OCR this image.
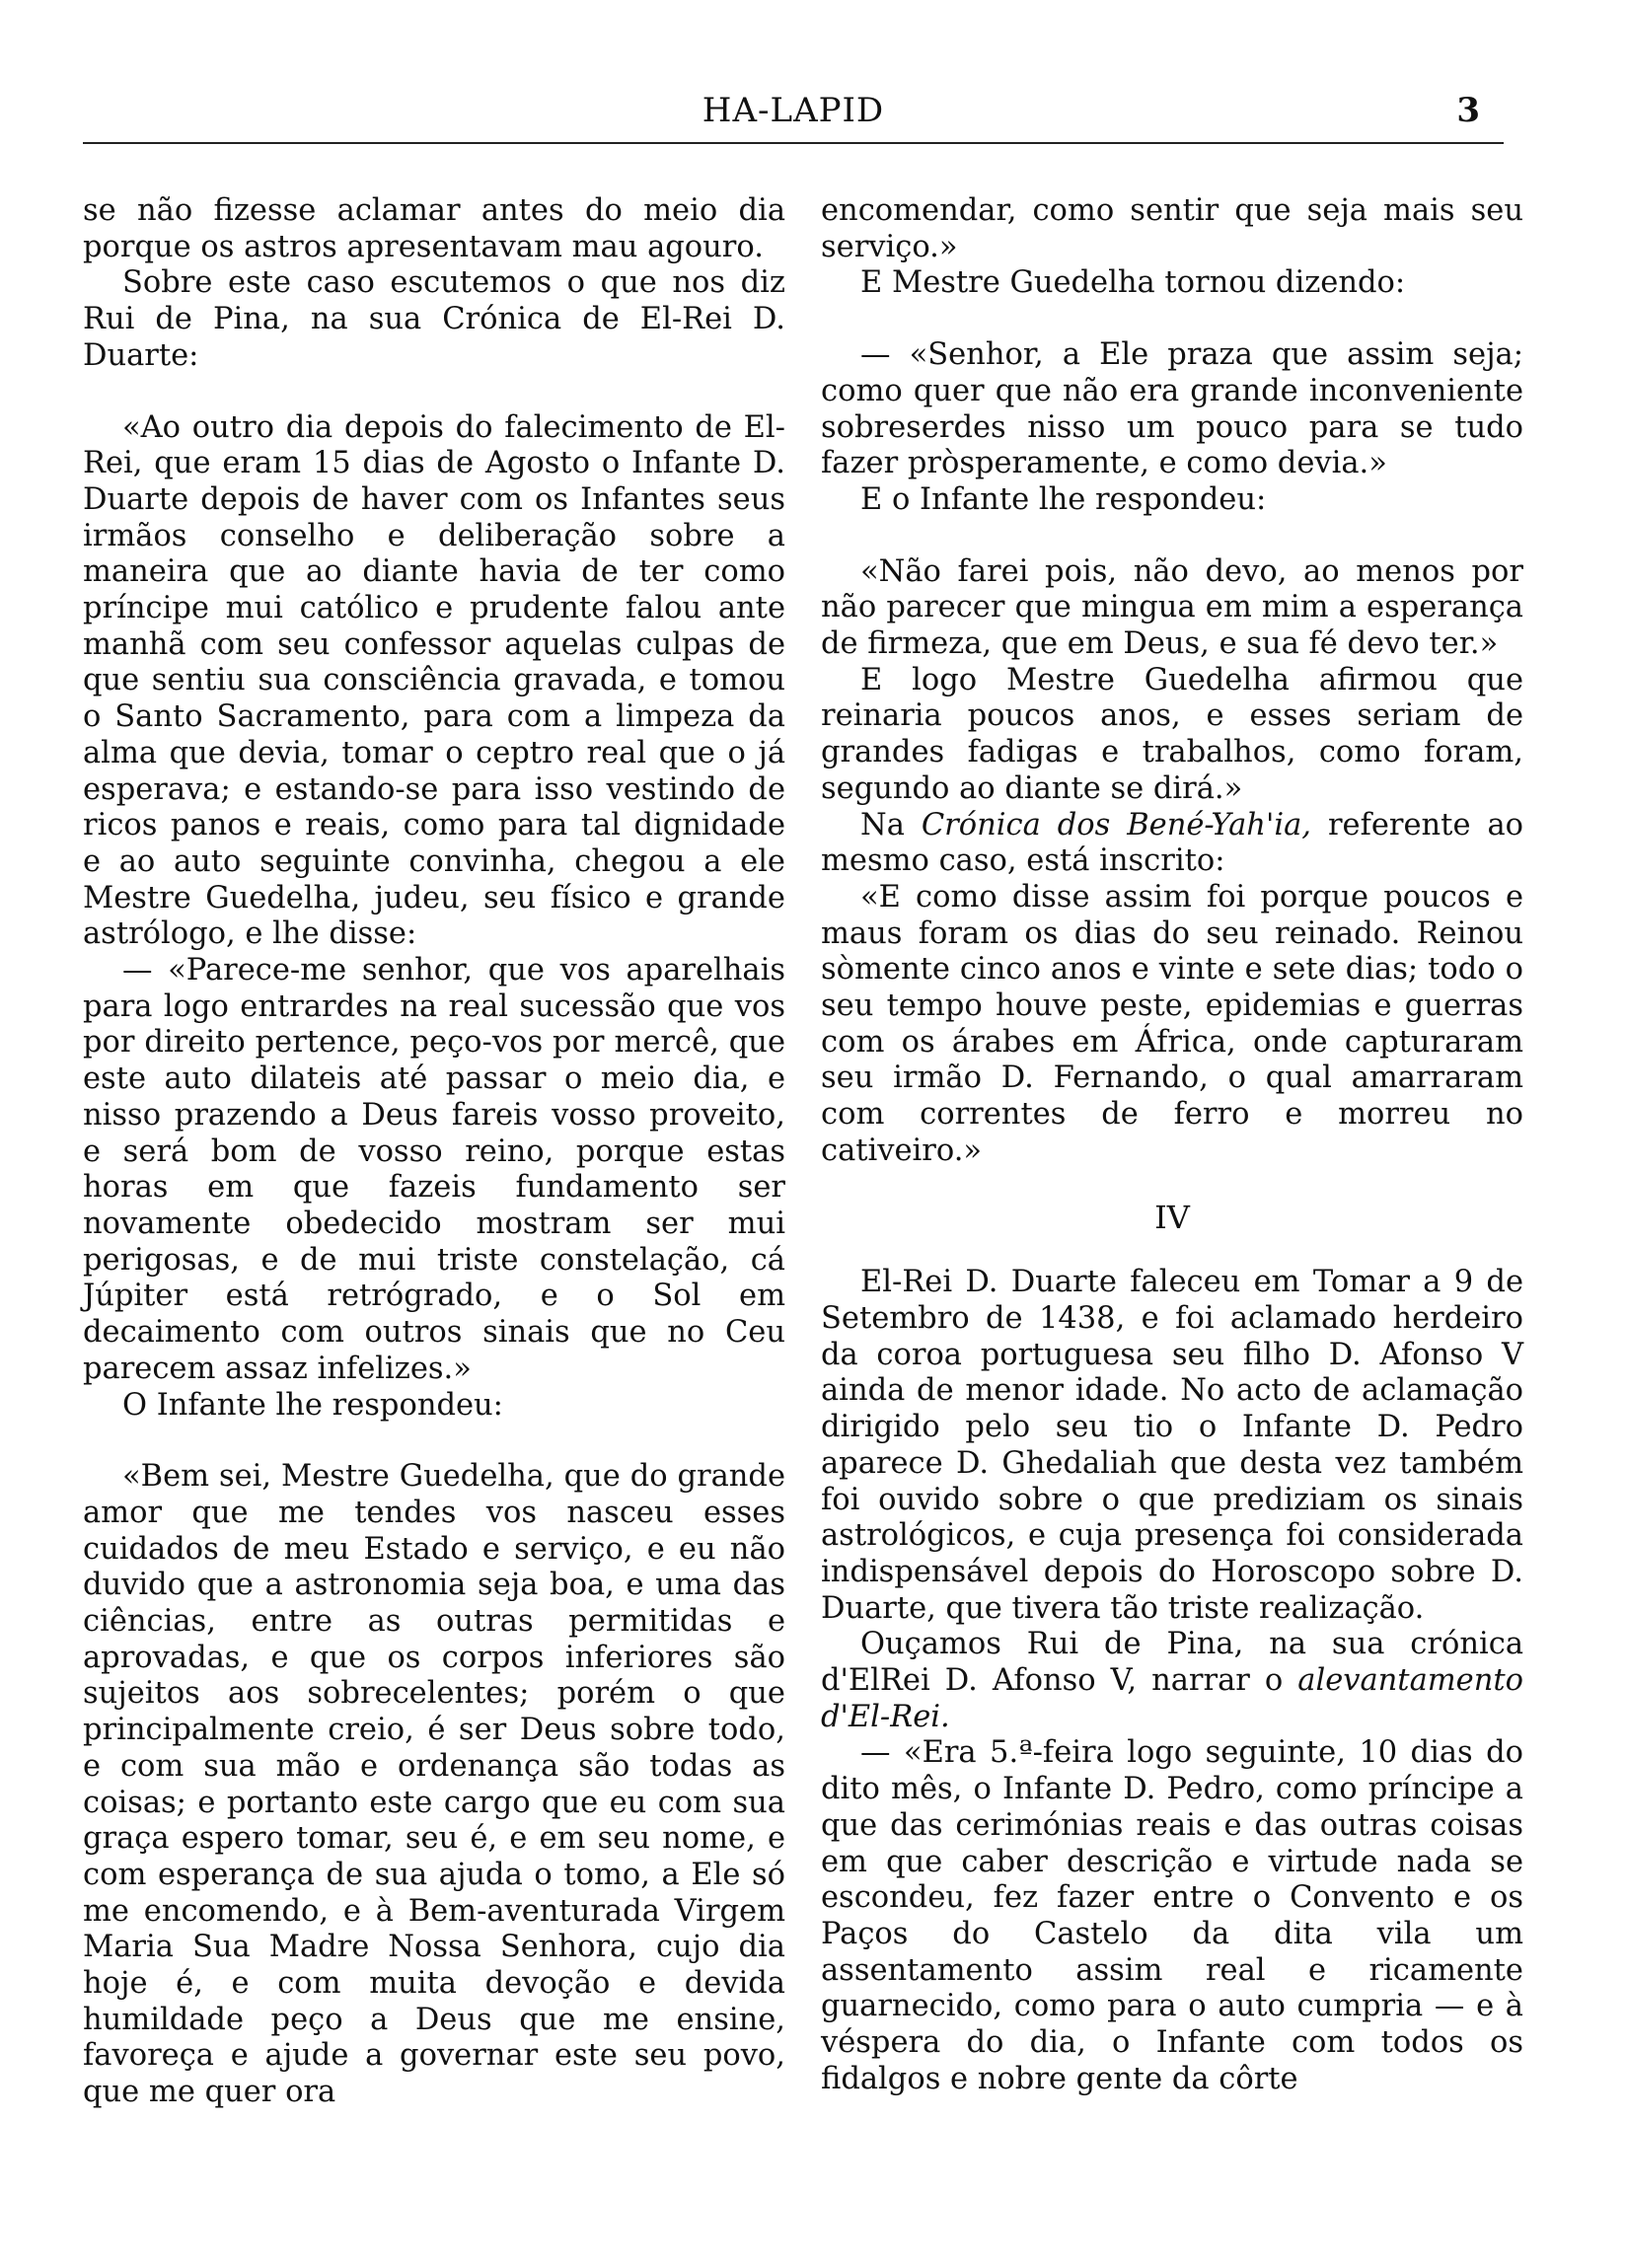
HA-LAPID	3

se não fizesse aclamar antes do meio dia porque os astros apresentavam mau agouro.

Sobre este caso escutemos o que nos diz Rui de Pina, na sua Crónica de El-Rei D. Duarte:

«Ao outro dia depois do falecimento de El-Rei, que eram 15 dias de Agosto o Infante D. Duarte depois de haver com os Infantes seus irmãos conselho e deliberação sobre a maneira que ao diante havia de ter como príncipe mui católico e prudente falou ante manhã com seu confessor aquelas culpas de que sentiu sua consciência gravada, e tomou o Santo Sacramento, para com a limpeza da alma que devia, tomar o ceptro real que o já esperava; e estando-se para isso vestindo de ricos panos e reais, como para tal dignidade e ao auto seguinte convinha, chegou a ele Mestre Guedelha, judeu, seu físico e grande astrólogo, e lhe disse:

— «Parece-me senhor, que vos aparelhais para logo entrardes na real sucessão que vos por direito pertence, peço-vos por mercê, que este auto dilateis até passar o meio dia, e nisso prazendo a Deus fareis vosso proveito, e será bom de vosso reino, porque estas horas em que fazeis fundamento ser novamente obedecido mostram ser mui perigosas, e de mui triste constelação, cá Júpiter está retrógrado, e o Sol em decaimento com outros sinais que no Ceu parecem assaz infelizes.»

O Infante lhe respondeu:

«Bem sei, Mestre Guedelha, que do grande amor que me tendes vos nasceu esses cuidados de meu Estado e serviço, e eu não duvido que a astronomia seja boa, e uma das ciências, entre as outras permitidas e aprovadas, e que os corpos inferiores são sujeitos aos sobrecelentes; porém o que principalmente creio, é ser Deus sobre todo, e com sua mão e ordenança são todas as coisas; e portanto este cargo que eu com sua graça espero tomar, seu é, e em seu nome, e com esperança de sua ajuda o tomo, a Ele só me encomendo, e à Bem-aventurada Virgem Maria Sua Madre Nossa Senhora, cujo dia hoje é, e com muita devoção e devida humildade peço a Deus que me ensine, favoreça e ajude a governar este seu povo, que me quer ora

encomendar, como sentir que seja mais seu serviço.»

E Mestre Guedelha tornou dizendo:

— «Senhor, a Ele praza que assim seja; como quer que não era grande inconveniente sobreserdes nisso um pouco para se tudo fazer pròsperamente, e como devia.»

E o Infante lhe respondeu:

«Não farei pois, não devo, ao menos por não parecer que mingua em mim a esperança de firmeza, que em Deus, e sua fé devo ter.»

E logo Mestre Guedelha afirmou que reinaria poucos anos, e esses seriam de grandes fadigas e trabalhos, como foram, segundo ao diante se dirá.»

Na Crónica dos Bené-Yah'ia, referente ao mesmo caso, está inscrito:

«E como disse assim foi porque poucos e maus foram os dias do seu reinado. Reinou sòmente cinco anos e vinte e sete dias; todo o seu tempo houve peste, epidemias e guerras com os árabes em África, onde capturaram seu irmão D. Fernando, o qual amarraram com correntes de ferro e morreu no cativeiro.»

IV

El-Rei D. Duarte faleceu em Tomar a 9 de Setembro de 1438, e foi aclamado herdeiro da coroa portuguesa seu filho D. Afonso V ainda de menor idade. No acto de aclamação dirigido pelo seu tio o Infante D. Pedro aparece D. Ghedaliah que desta vez também foi ouvido sobre o que prediziam os sinais astrológicos, e cuja presença foi considerada indispensável depois do Horoscopo sobre D. Duarte, que tivera tão triste realização.

Ouçamos Rui de Pina, na sua crónica d'ElRei D. Afonso V, narrar o alevantamento d'El-Rei.

— «Era 5.ª-feira logo seguinte, 10 dias do dito mês, o Infante D. Pedro, como príncipe a que das cerimónias reais e das outras coisas em que caber descrição e virtude nada se escondeu, fez fazer entre o Convento e os Paços do Castelo da dita vila um assentamento assim real e ricamente guarnecido, como para o auto cumpria — e à véspera do dia, o Infante com todos os fidalgos e nobre gente da côrte
